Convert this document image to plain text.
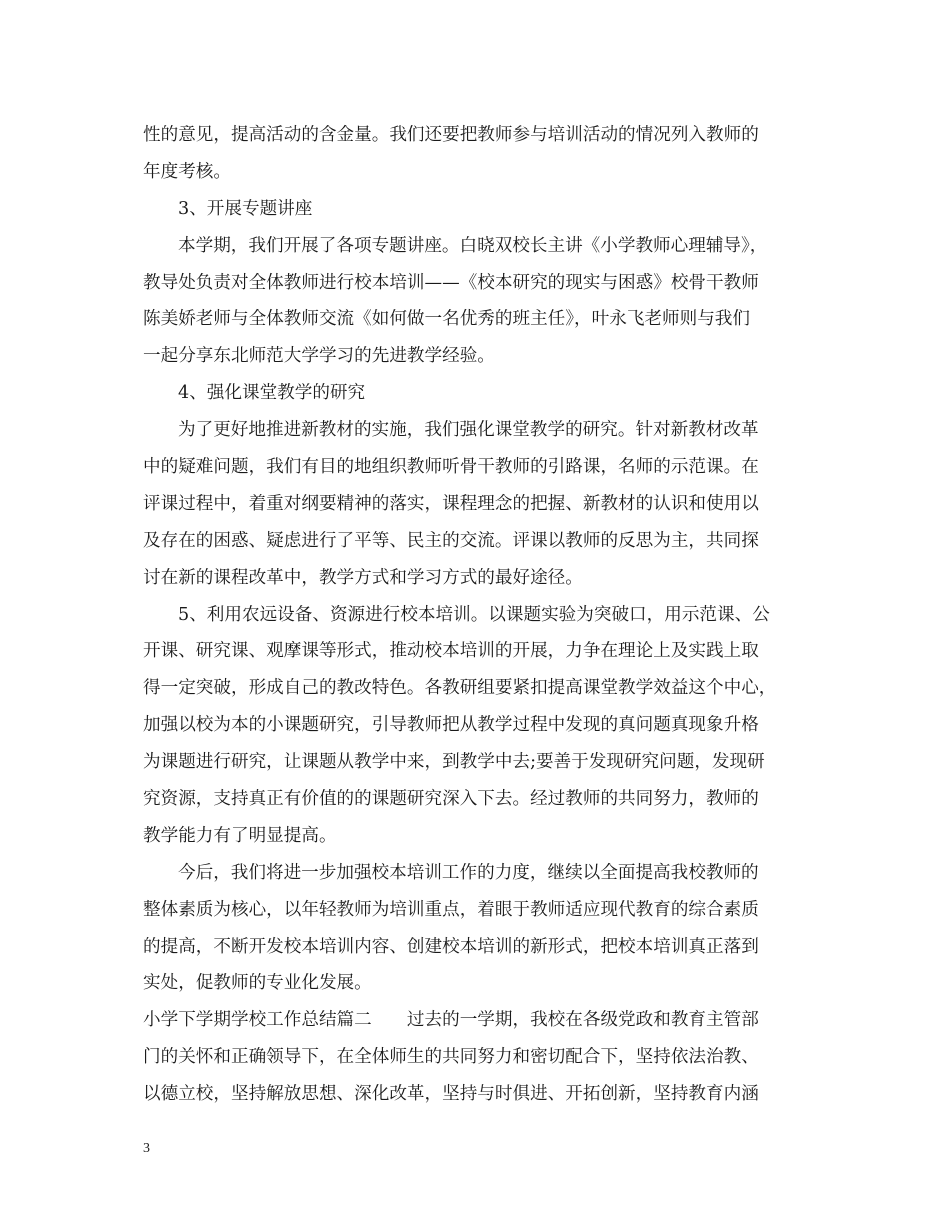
性的意见，提高活动的含金量。我们还要把教师参与培训活动的情况列入教师的
年度考核。
3、开展专题讲座
本学期，我们开展了各项专题讲座。白晓双校长主讲《小学教师心理辅导》，
教导处负责对全体教师进行校本培训——《校本研究的现实与困惑》校骨干教师
陈美娇老师与全体教师交流《如何做一名优秀的班主任》，叶永飞老师则与我们
一起分享东北师范大学学习的先进教学经验。
4、强化课堂教学的研究
为了更好地推进新教材的实施，我们强化课堂教学的研究。针对新教材改革
中的疑难问题，我们有目的地组织教师听骨干教师的引路课，名师的示范课。在
评课过程中，着重对纲要精神的落实，课程理念的把握、新教材的认识和使用以
及存在的困惑、疑虑进行了平等、民主的交流。评课以教师的反思为主，共同探
讨在新的课程改革中，教学方式和学习方式的最好途径。
5、利用农远设备、资源进行校本培训。以课题实验为突破口，用示范课、公
开课、研究课、观摩课等形式，推动校本培训的开展，力争在理论上及实践上取
得一定突破，形成自己的教改特色。各教研组要紧扣提高课堂教学效益这个中心，
加强以校为本的小课题研究，引导教师把从教学过程中发现的真问题真现象升格
为课题进行研究，让课题从教学中来，到教学中去;要善于发现研究问题，发现研
究资源，支持真正有价值的的课题研究深入下去。经过教师的共同努力，教师的
教学能力有了明显提高。
今后，我们将进一步加强校本培训工作的力度，继续以全面提高我校教师的
整体素质为核心，以年轻教师为培训重点，着眼于教师适应现代教育的综合素质
的提高，不断开发校本培训内容、创建校本培训的新形式，把校本培训真正落到
实处，促教师的专业化发展。
小学下学期学校工作总结篇二　　过去的一学期，我校在各级党政和教育主管部
门的关怀和正确领导下，在全体师生的共同努力和密切配合下，坚持依法治教、
以德立校，坚持解放思想、深化改革，坚持与时俱进、开拓创新，坚持教育内涵
3
